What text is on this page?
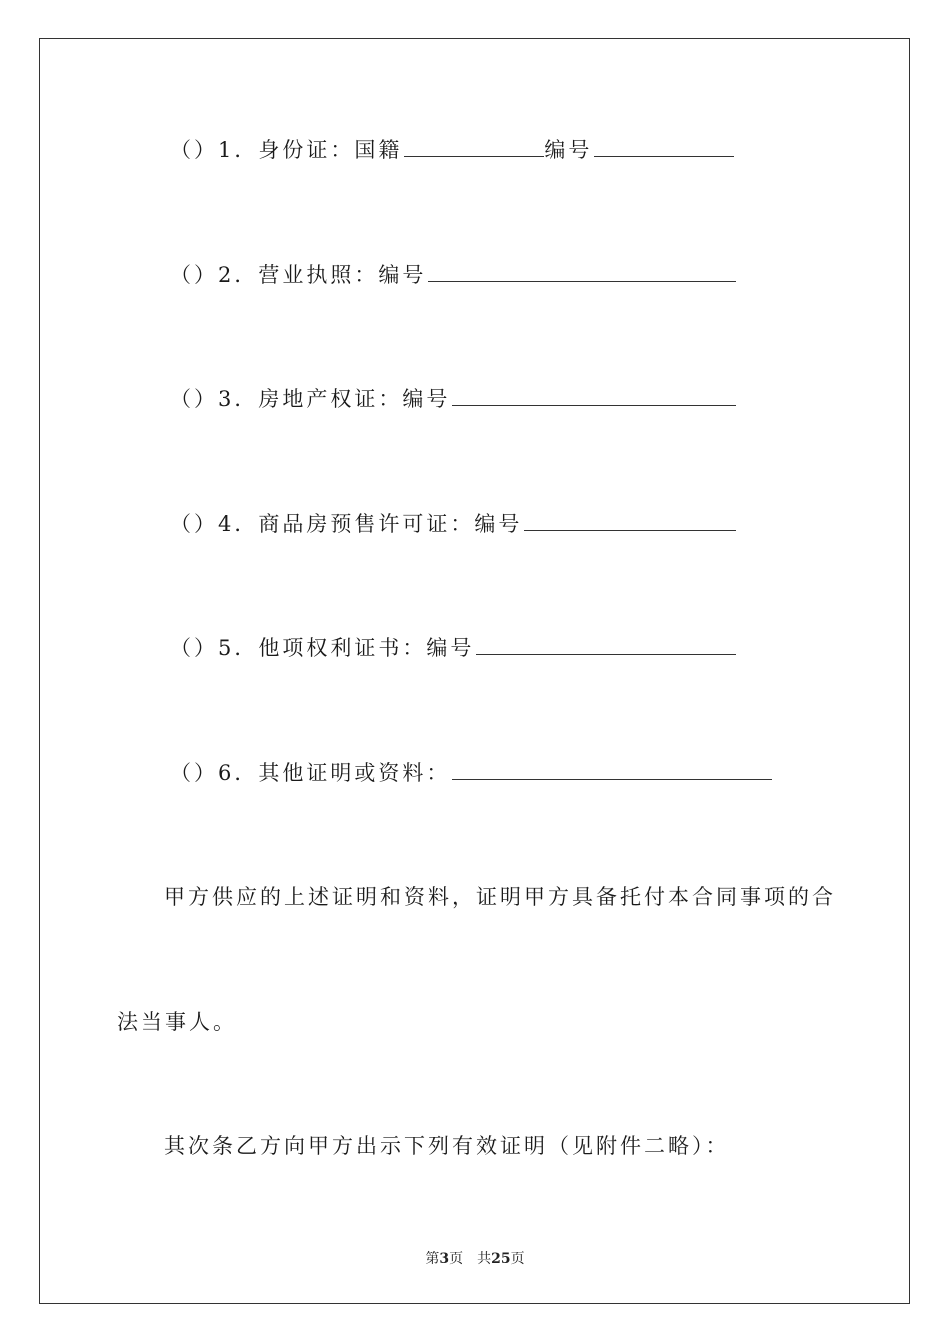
（）1．身份证：国籍	编号
（）2．营业执照：编号
（）3．房地产权证：编号
（）4．商品房预售许可证：编号
（）5．他项权利证书：编号
（）6．其他证明或资料：
甲方供应的上述证明和资料，证明甲方具备托付本合同事项的合
法当事人。
其次条乙方向甲方出示下列有效证明（见附件二略）：
第3页　共25页
